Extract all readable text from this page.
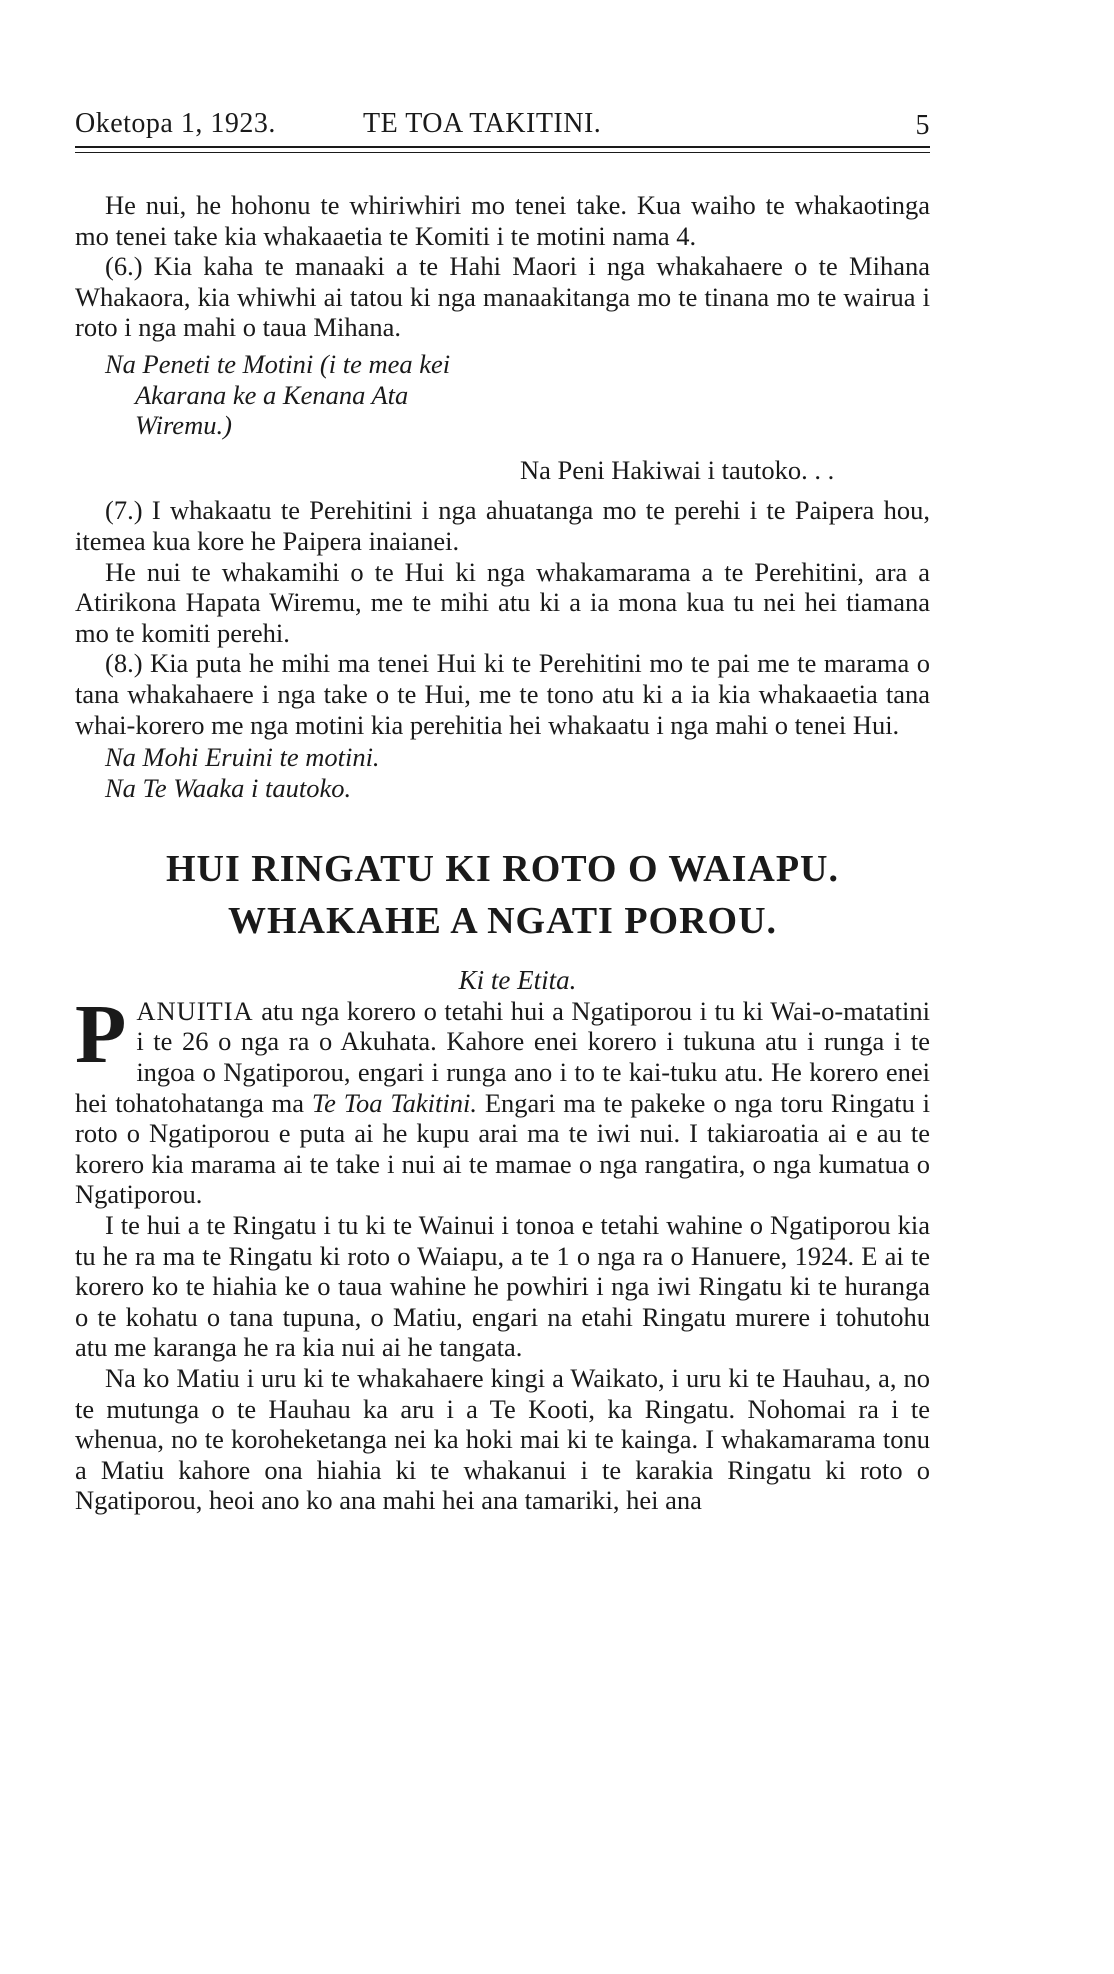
Oketopa 1, 1923.	TE TOA TAKITINI.	5

He nui, he hohonu te whiriwhiri mo tenei take. Kua waiho te whakaotinga mo tenei take kia whakaaetia te Komiti i te motini nama 4.

(6.) Kia kaha te manaaki a te Hahi Maori i nga whakahaere o te Mihana Whakaora, kia whiwhi ai tatou ki nga manaakitanga mo te tinana mo te wairua i roto i nga mahi o taua Mihana.

Na Peneti te Motini (i te mea kei
Akarana ke a Kenana Ata
Wiremu.)

Na Peni Hakiwai i tautoko. . .

(7.) I whakaatu te Perehitini i nga ahuatanga mo te perehi i te Paipera hou, itemea kua kore he Paipera inaianei.

He nui te whakamihi o te Hui ki nga whakamarama a te Perehitini, ara a Atirikona Hapata Wiremu, me te mihi atu ki a ia mona kua tu nei hei tiamana mo te komiti perehi.

(8.) Kia puta he mihi ma tenei Hui ki te Perehitini mo te pai me te marama o tana whakahaere i nga take o te Hui, me te tono atu ki a ia kia whakaaetia tana whai-korero me nga motini kia perehitia hei whakaatu i nga mahi o tenei Hui.

Na Mohi Eruini te motini.

Na Te Waaka i tautoko.

HUI RINGATU KI ROTO O WAIAPU.
WHAKAHE A NGATI POROU.

Ki te Etita.

PANUITIA atu nga korero o tetahi hui a Ngatiporou i tu ki Wai-o-matatini i te 26 o nga ra o Akuhata. Kahore enei korero i tukuna atu i runga i te ingoa o Ngatiporou, engari i runga ano i to te kai-tuku atu. He korero enei hei tohatohatanga ma Te Toa Takitini. Engari ma te pakeke o nga toru Ringatu i roto o Ngatiporou e puta ai he kupu arai ma te iwi nui. I takiaroatia ai e au te korero kia marama ai te take i nui ai te mamae o nga rangatira, o nga kumatua o Ngatiporou.

I te hui a te Ringatu i tu ki te Wainui i tonoa e tetahi wahine o Ngatiporou kia tu he ra ma te Ringatu ki roto o Waiapu, a te 1 o nga ra o Hanuere, 1924. E ai te korero ko te hiahia ke o taua wahine he powhiri i nga iwi Ringatu ki te huranga o te kohatu o tana tupuna, o Matiu, engari na etahi Ringatu murere i tohutohu atu me karanga he ra kia nui ai he tangata.

Na ko Matiu i uru ki te whakahaere kingi a Waikato, i uru ki te Hauhau, a, no te mutunga o te Hauhau ka aru i a Te Kooti, ka Ringatu. Nohomai ra i te whenua, no te koroheketanga nei ka hoki mai ki te kainga. I whakamarama tonu a Matiu kahore ona hiahia ki te whakanui i te karakia Ringatu ki roto o Ngatiporou, heoi ano ko ana mahi hei ana tamariki, hei ana
